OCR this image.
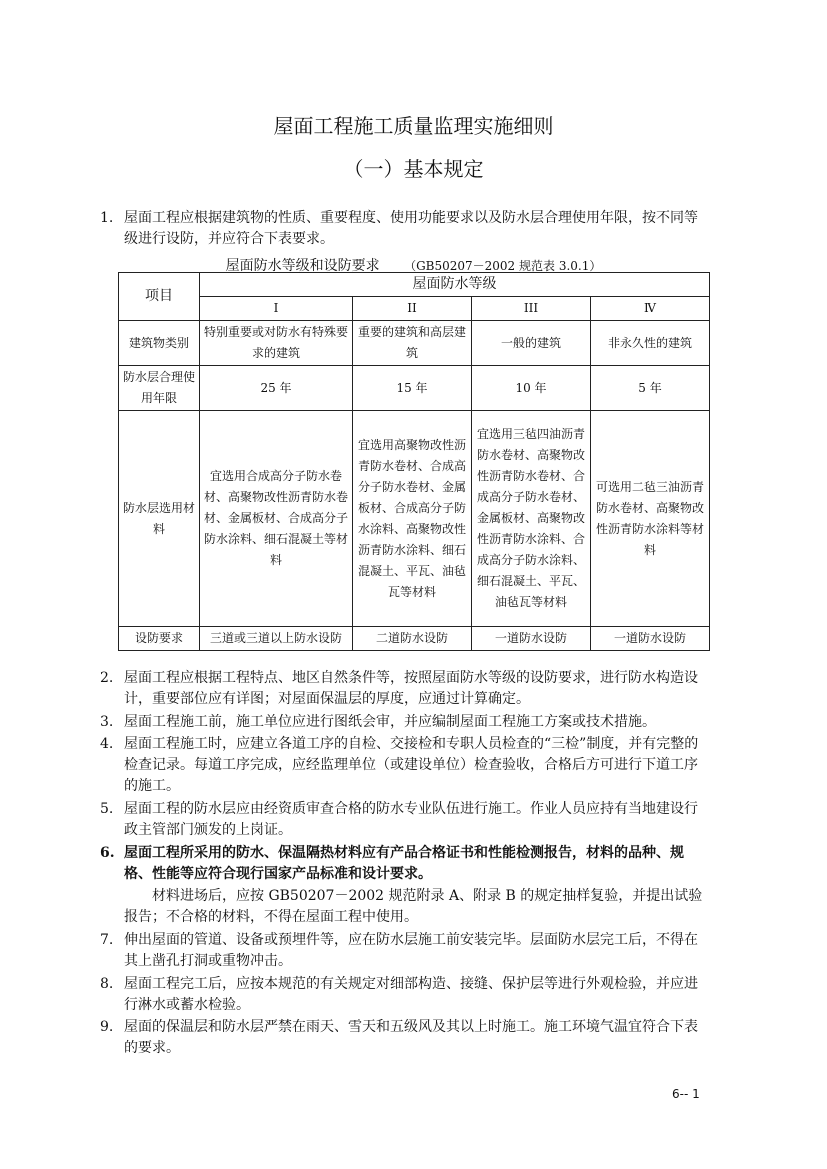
屋面工程施工质量监理实施细则
（一）基本规定
1. 屋面工程应根据建筑物的性质、重要程度、使用功能要求以及防水层合理使用年限，按不同等级进行设防，并应符合下表要求。
屋面防水等级和设防要求 （GB50207－2002 规范表 3.0.1）
项目	屋面防水等级			
	I	II	III	Ⅳ
建筑物类别	特别重要或对防水有特殊要求的建筑	重要的建筑和高层建筑	一般的建筑	非永久性的建筑
防水层合理使用年限	25 年	15 年	10 年	5 年
防水层选用材料	宜选用合成高分子防水卷材、高聚物改性沥青防水卷材、金属板材、合成高分子防水涂料、细石混凝土等材料	宜选用高聚物改性沥青防水卷材、合成高分子防水卷材、金属板材、合成高分子防水涂料、高聚物改性沥青防水涂料、细石混凝土、平瓦、油毡瓦等材料	宜选用三毡四油沥青防水卷材、高聚物改性沥青防水卷材、合成高分子防水卷材、金属板材、高聚物改性沥青防水涂料、合成高分子防水涂料、细石混凝土、平瓦、油毡瓦等材料	可选用二毡三油沥青防水卷材、高聚物改性沥青防水涂料等材料
设防要求	三道或三道以上防水设防	二道防水设防	一道防水设防	一道防水设防
2. 屋面工程应根据工程特点、地区自然条件等，按照屋面防水等级的设防要求，进行防水构造设计，重要部位应有详图；对屋面保温层的厚度，应通过计算确定。
3. 屋面工程施工前，施工单位应进行图纸会审，并应编制屋面工程施工方案或技术措施。
4. 屋面工程施工时，应建立各道工序的自检、交接检和专职人员检查的“三检”制度，并有完整的检查记录。每道工序完成，应经监理单位（或建设单位）检查验收，合格后方可进行下道工序的施工。
5. 屋面工程的防水层应由经资质审查合格的防水专业队伍进行施工。作业人员应持有当地建设行政主管部门颁发的上岗证。
6. 屋面工程所采用的防水、保温隔热材料应有产品合格证书和性能检测报告，材料的品种、规格、性能等应符合现行国家产品标准和设计要求。
材料进场后，应按 GB50207－2002 规范附录 A、附录 B 的规定抽样复验，并提出试验报告；不合格的材料，不得在屋面工程中使用。
7. 伸出屋面的管道、设备或预埋件等，应在防水层施工前安装完毕。层面防水层完工后，不得在其上凿孔打洞或重物冲击。
8. 屋面工程完工后，应按本规范的有关规定对细部构造、接缝、保护层等进行外观检验，并应进行淋水或蓄水检验。
9. 屋面的保温层和防水层严禁在雨天、雪天和五级风及其以上时施工。施工环境气温宜符合下表的要求。
6-- 1
